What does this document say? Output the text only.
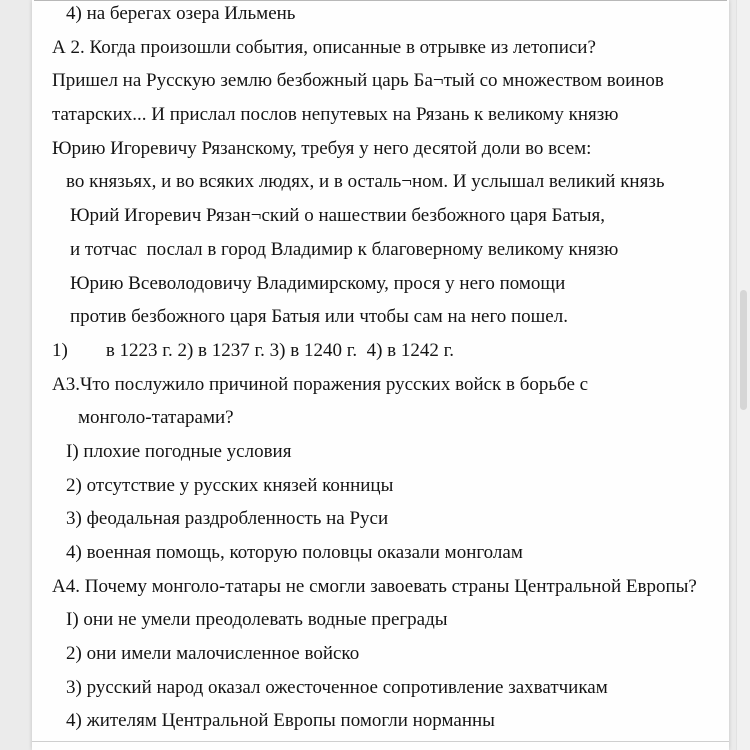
4) на берегах озера Ильмень
А 2. Когда произошли события, описанные в отрывке из летописи?
Пришел на Русскую землю безбожный царь Ба¬тый со множеством воинов
татарских... И прислал послов непутевых на Рязань к великому князю
Юрию Игоревичу Рязанскому, требуя у него десятой доли во всем:
во князьях, и во всяких людях, и в осталь¬ном. И услышал великий князь
Юрий Игоревич Рязан¬ский о нашествии безбожного царя Батыя,
и тотчас  послал в город Владимир к благоверному великому князю
Юрию Всеволодовичу Владимирскому, прося у него помощи
против безбожного царя Батыя или чтобы сам на него пошел.
1)        в 1223 г. 2) в 1237 г. 3) в 1240 г.  4) в 1242 г.
А3.Что послужило причиной поражения русских войск в борьбе с
монголо-татарами?
I) плохие погодные условия
2) отсутствие у русских князей конницы
3) феодальная раздробленность на Руси
4) военная помощь, которую половцы оказали монголам
А4. Почему монголо-татары не смогли завоевать страны Центральной Европы?
I) они не умели преодолевать водные преграды
2) они имели малочисленное войско
3) русский народ оказал ожесточенное сопротивление захватчикам
4) жителям Центральной Европы помогли норманны
